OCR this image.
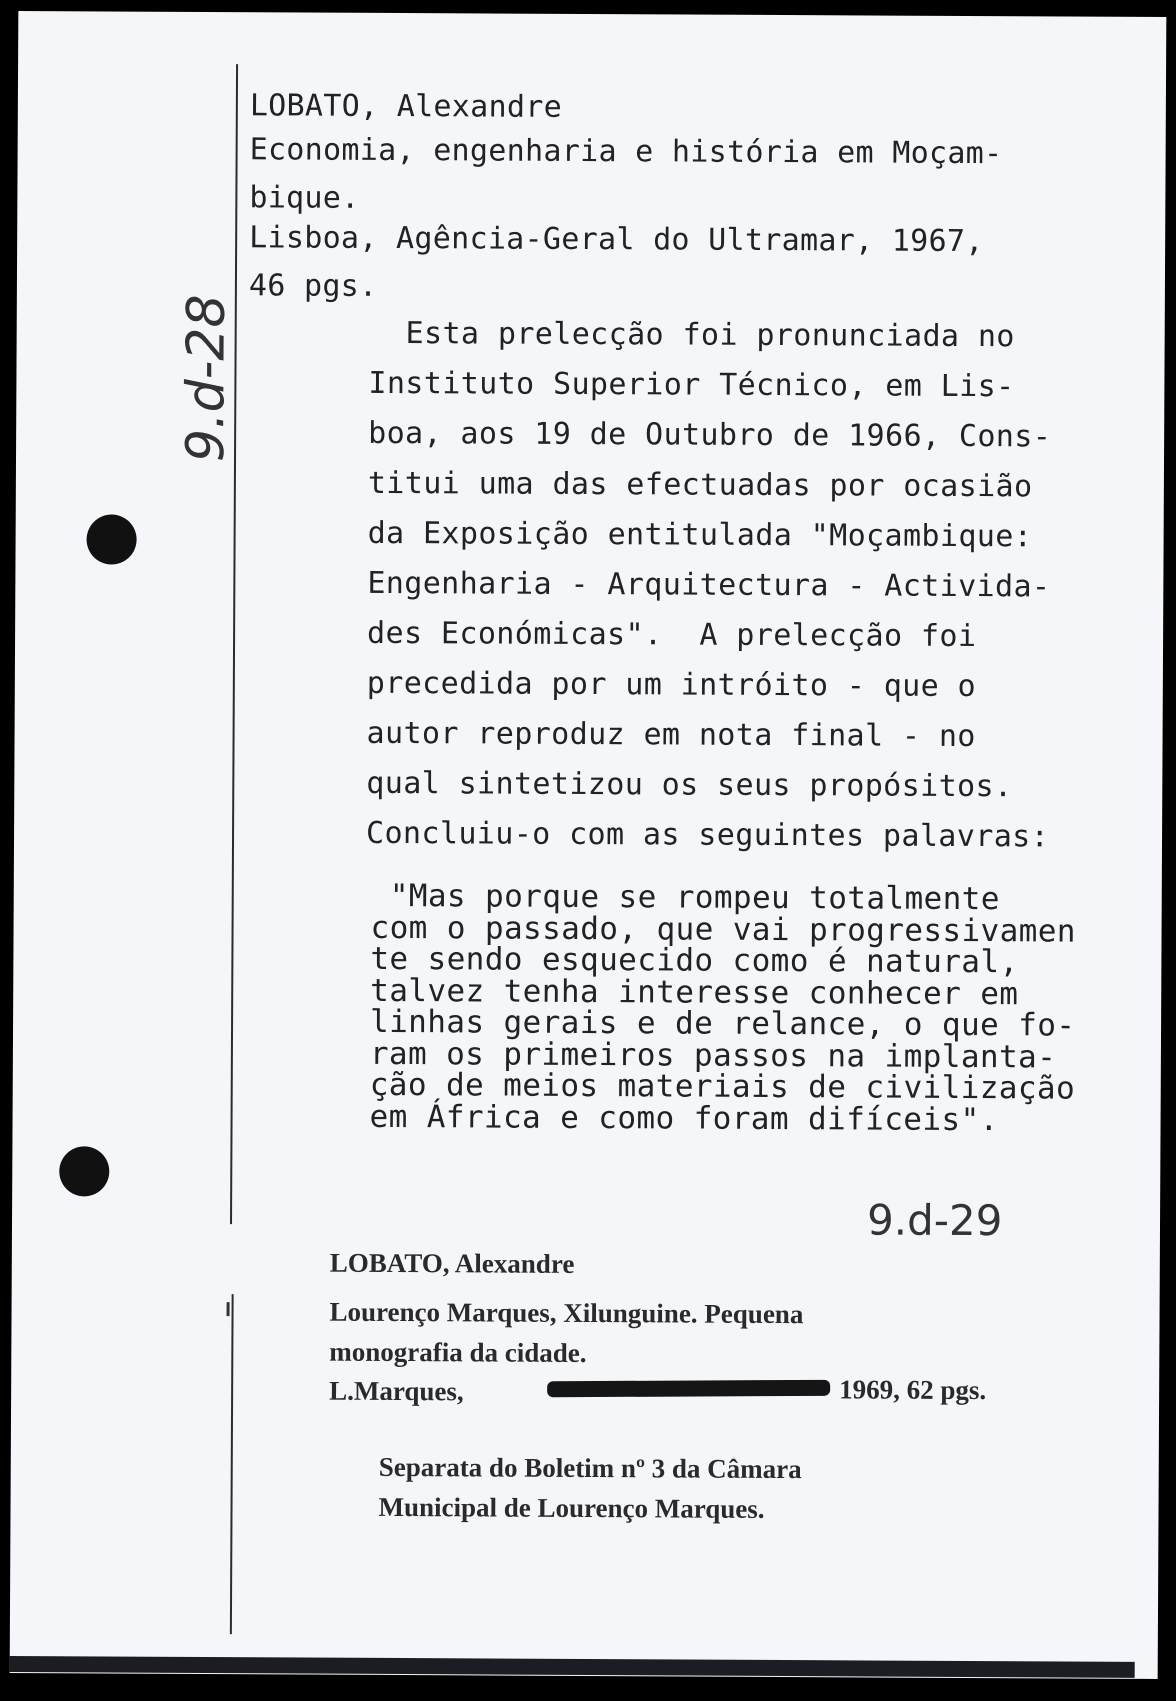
9.d-28
9.d-29
LOBATO, Alexandre
Economia, engenharia e história em Moçam-
bique.
Lisboa, Agência-Geral do Ultramar, 1967,
46 pgs.
Esta prelecção foi pronunciada no
Instituto Superior Técnico, em Lis-
boa, aos 19 de Outubro de 1966, Cons-
titui uma das efectuadas por ocasião
da Exposição entitulada "Moçambique:
Engenharia - Arquitectura - Activida-
des Económicas".  A prelecção foi
precedida por um intróito - que o
autor reproduz em nota final - no
qual sintetizou os seus propósitos.
Concluiu-o com as seguintes palavras:
"Mas porque se rompeu totalmente
com o passado, que vai progressivamen
te sendo esquecido como é natural,
talvez tenha interesse conhecer em
linhas gerais e de relance, o que fo-
ram os primeiros passos na implanta-
ção de meios materiais de civilização
em África e como foram difíceis".
LOBATO, Alexandre
Lourenço Marques, Xilunguine. Pequena
monografia da cidade.
L.Marques,	1969, 62 pgs.
Separata do Boletim nº 3 da Câmara
Municipal de Lourenço Marques.
